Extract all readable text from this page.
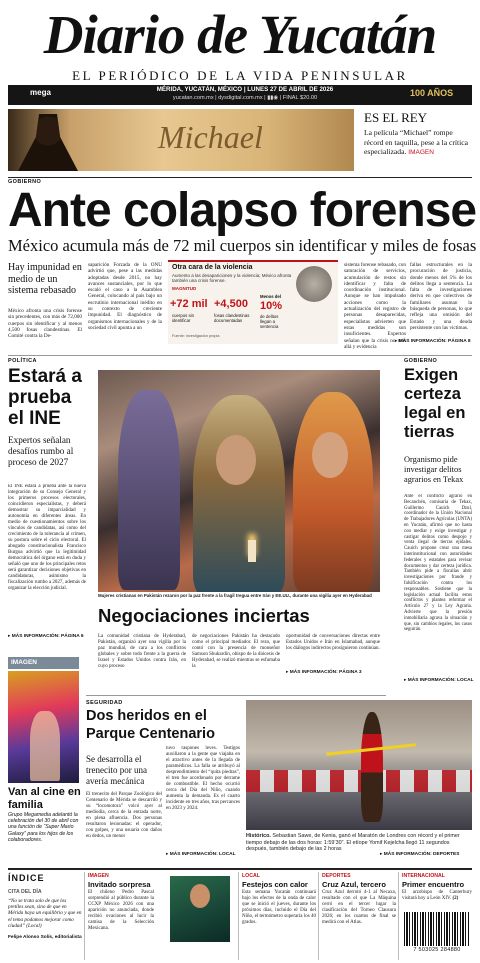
Diario de Yucatán
EL PERIÓDICO DE LA VIDA PENINSULAR
mega	MÉRIDA, YUCATÁN, MÉXICO | LUNES 27 DE ABRIL DE 2026
yucatan.com.mx | dysdigital.com.mx | ▮▮◉ | FINAL $20.00	100 AÑOS
Michael
ES EL REY
La película “Michael” rompe récord en taquilla, pese a la crítica especializada. IMAGEN
GOBIERNO
Ante colapso forense
México acumula más de 72 mil cuerpos sin identificar y miles de fosas
Hay impunidad en medio de un sistema rebasado
México afronta una crisis forense sin precedentes, con más de 72,000 cuerpos sin identificar y al menos 4,500 fosas clandestinas. El Comité contra la De-
saparición Forzada de la ONU advirtió que, pese a las medidas adoptadas desde 2015, no hay avances sustanciales, por lo que escaló el caso a la Asamblea General, colocando al país bajo un escrutinio internacional inédito en su contexto de creciente impunidad. El diagnóstico de organismos internacionales y de la sociedad civil apunta a un
Otra cara de la violencia
Aumento a las desapariciones y la violencia; México afronta también una crisis forense.
MAGNITUD
+72 mil
cuerpos sin identificar
+4,500
fosas clandestinas documentadas
Menos del
10%
de delitos llegan a sentencia
Fuente: investigación propia
sistema forense rebasado, con saturación de servicios, acumulación de restos sin identificar y falta de coordinación institucional. Aunque se han impulsado acciones como la actualización del registro de personas desaparecidas, especialistas advierten que estas medidas son insuficientes. Expertos señalan que la crisis no más allá y evidencia
fallas estructurales en la procuración de justicia, donde menos del 5% de los delitos llega a sentencia. La falta de investigaciones deriva en que colectivos de familiares asuman la búsqueda de personas, lo que refleja una omisión del Estado y una deuda persistente con las víctimas.
▸ MÁS INFORMACIÓN: PÁGINA 8
POLÍTICA
Estará a prueba el INE
Expertos señalan desafíos rumbo al proceso de 2027
El INE estará a prueba ante la nueva integración de su Consejo General y los primeros procesos electorales, coincidieron especialistas, y deberá demostrar su imparcialidad y autonomía en diferentes áreas. En medio de cuestionamientos sobre los vínculos de candidatas, así como del crecimiento de la tolerancia al crimen, su postura sobre el ciclo electoral. El abogado constitucionalista Francisco Burgoa advirtió que la legitimidad democrática del órgano está en duda y señaló que uno de los principales retos será garantizar decisiones objetivas en candidaturas, asimismo la fiscalización rumbo a 2027, además de organizar la elección judicial.
▸ MÁS INFORMACIÓN: PÁGINA 6
Mujeres cristianas en Pakistán rezaron por la paz frente a la fragil tregua entre Irán y EE.UU., durante una vigilia ayer en Hyderabad
Negociaciones inciertas
La comunidad cristiana de Hyderabad, Pakistán, organizó ayer una vigilia por la paz mundial, de cara a los conflictos globales y sobre todo frente a la guerra de Israel y Estados Unidos contra Irán, en cuyo proceso
de negociaciones Pakistán ha destacado como el principal mediador. El rezo, que contó con la presencia de monseñor Samson Shukardin, obispo de la diócesis de Hyderabad, se realizó mientras se esfumaba la
oportunidad de conversaciones directas entre Estados Unidos e Irán en Islamabad, aunque los diálogos indirectos prosiguieron continúan.
▸ MÁS INFORMACIÓN: PÁGINA 3
GOBIERNO
Exigen certeza legal en tierras
Organismo pide investigar delitos agrarios en Tekax
Ante el conflicto agrario en Becanchén, comisaría de Tekax, Guillermo Cauich Dzul, coordinador de la Unión Nacional de Trabajadores Agrícolas (UNTA) en Yucatán, afirmó que no hasta con mediar y exige investigar y castigar delitos como despojo y venta ilegal de tierras ejidales. Cauich propone crear una mesa interinstitucional con autoridades federales y estatales para revisar documentos y dar certeza jurídica. También pide a fiscalías abrir investigaciones por fraude y falsificación contra los responsables. Sostiene que la legislación actual facilita estos conflictos y plantea reformar el Artículo 27 y la Ley Agraria. Advierte que la presión inmobiliaria agrava la situación y que, sin cambios legales, los casos seguirán.
▸ MÁS INFORMACIÓN: LOCAL
IMAGEN
Van al cine en familia
Grupo Megamedia adelantó la celebración del 30 de abril con una función de “Super Mario Galaxy” para los hijos de los colaboradores.
SEGURIDAD
Dos heridos en el Parque Centenario
Se desarrolla el trenecito por una avería mecánica
El trenecito del Parque Zoológico del Centenario de Mérida se descarriló y su “locomotora” volcó ayer al mediodía, cerca de la entrada norte, en plena afluencia. Dos personas resultaron lesionadas: el operador, con golpes, y una usuaria con daños en dedos, un menor
tuvo raspones leves. Testigos auxiliaron a la gente que viajaba en el atractivo antes de la llegada de paramédicos. La falla se atribuyó al desprendimiento del “quita piedras”, el tren fue acordonado por derrame de combustible. El hecho ocurrió cerca del Día del Niño, cuando aumenta la demanda. Es el cuarto incidente en tres años, tras percances en 2023 y 2024.
▸ MÁS INFORMACIÓN: LOCAL
Histórico. Sebastian Sawe, de Kenia, ganó el Maratón de Londres con récord y el primer tiempo debajo de las dos horas: 1:59’30”. El etíope Yomif Kejelcha llegó 11 segundos después, también debajo de las 2 horas
▸ MÁS INFORMACIÓN: DEPORTES
ÍNDICE
CITA DEL DÍA
“No se trata solo de que los pretiles sean, sino de que en Mérida haya un equilibrio y que en el tema podamos mejorar como ciudad” (Local)
Felipe Alonso Solís, editorialista
IMAGEN
Invitado sorpresa
El chileno Pedro Pascal sorprendió al público durante la CCXP México 2026 con una aparición no anunciada, donde recibió ovaciones al lucir la camisa de la Selección Mexicana.
LOCAL
Festejos con calor
Esta semana Yucatán continuará bajo los efectos de la onda de calor que se inició el jueves, durante los próximos días, incluido el Día del Niño, el termómetro superaría los 40 grados.
DEPORTES
Cruz Azul, tercero
Cruz Azul derrotó 4-1 al Necaxa, resultado con el que La Máquina cerró en el tercer lugar la clasificación del Torneo Clausura 2026; en los cuartos de final se medirá con el Atlas.
INTERNACIONAL
Primer encuentro
El arzobispo de Canterbury visitará hoy a León XIV. (2)
7 503025 284880
